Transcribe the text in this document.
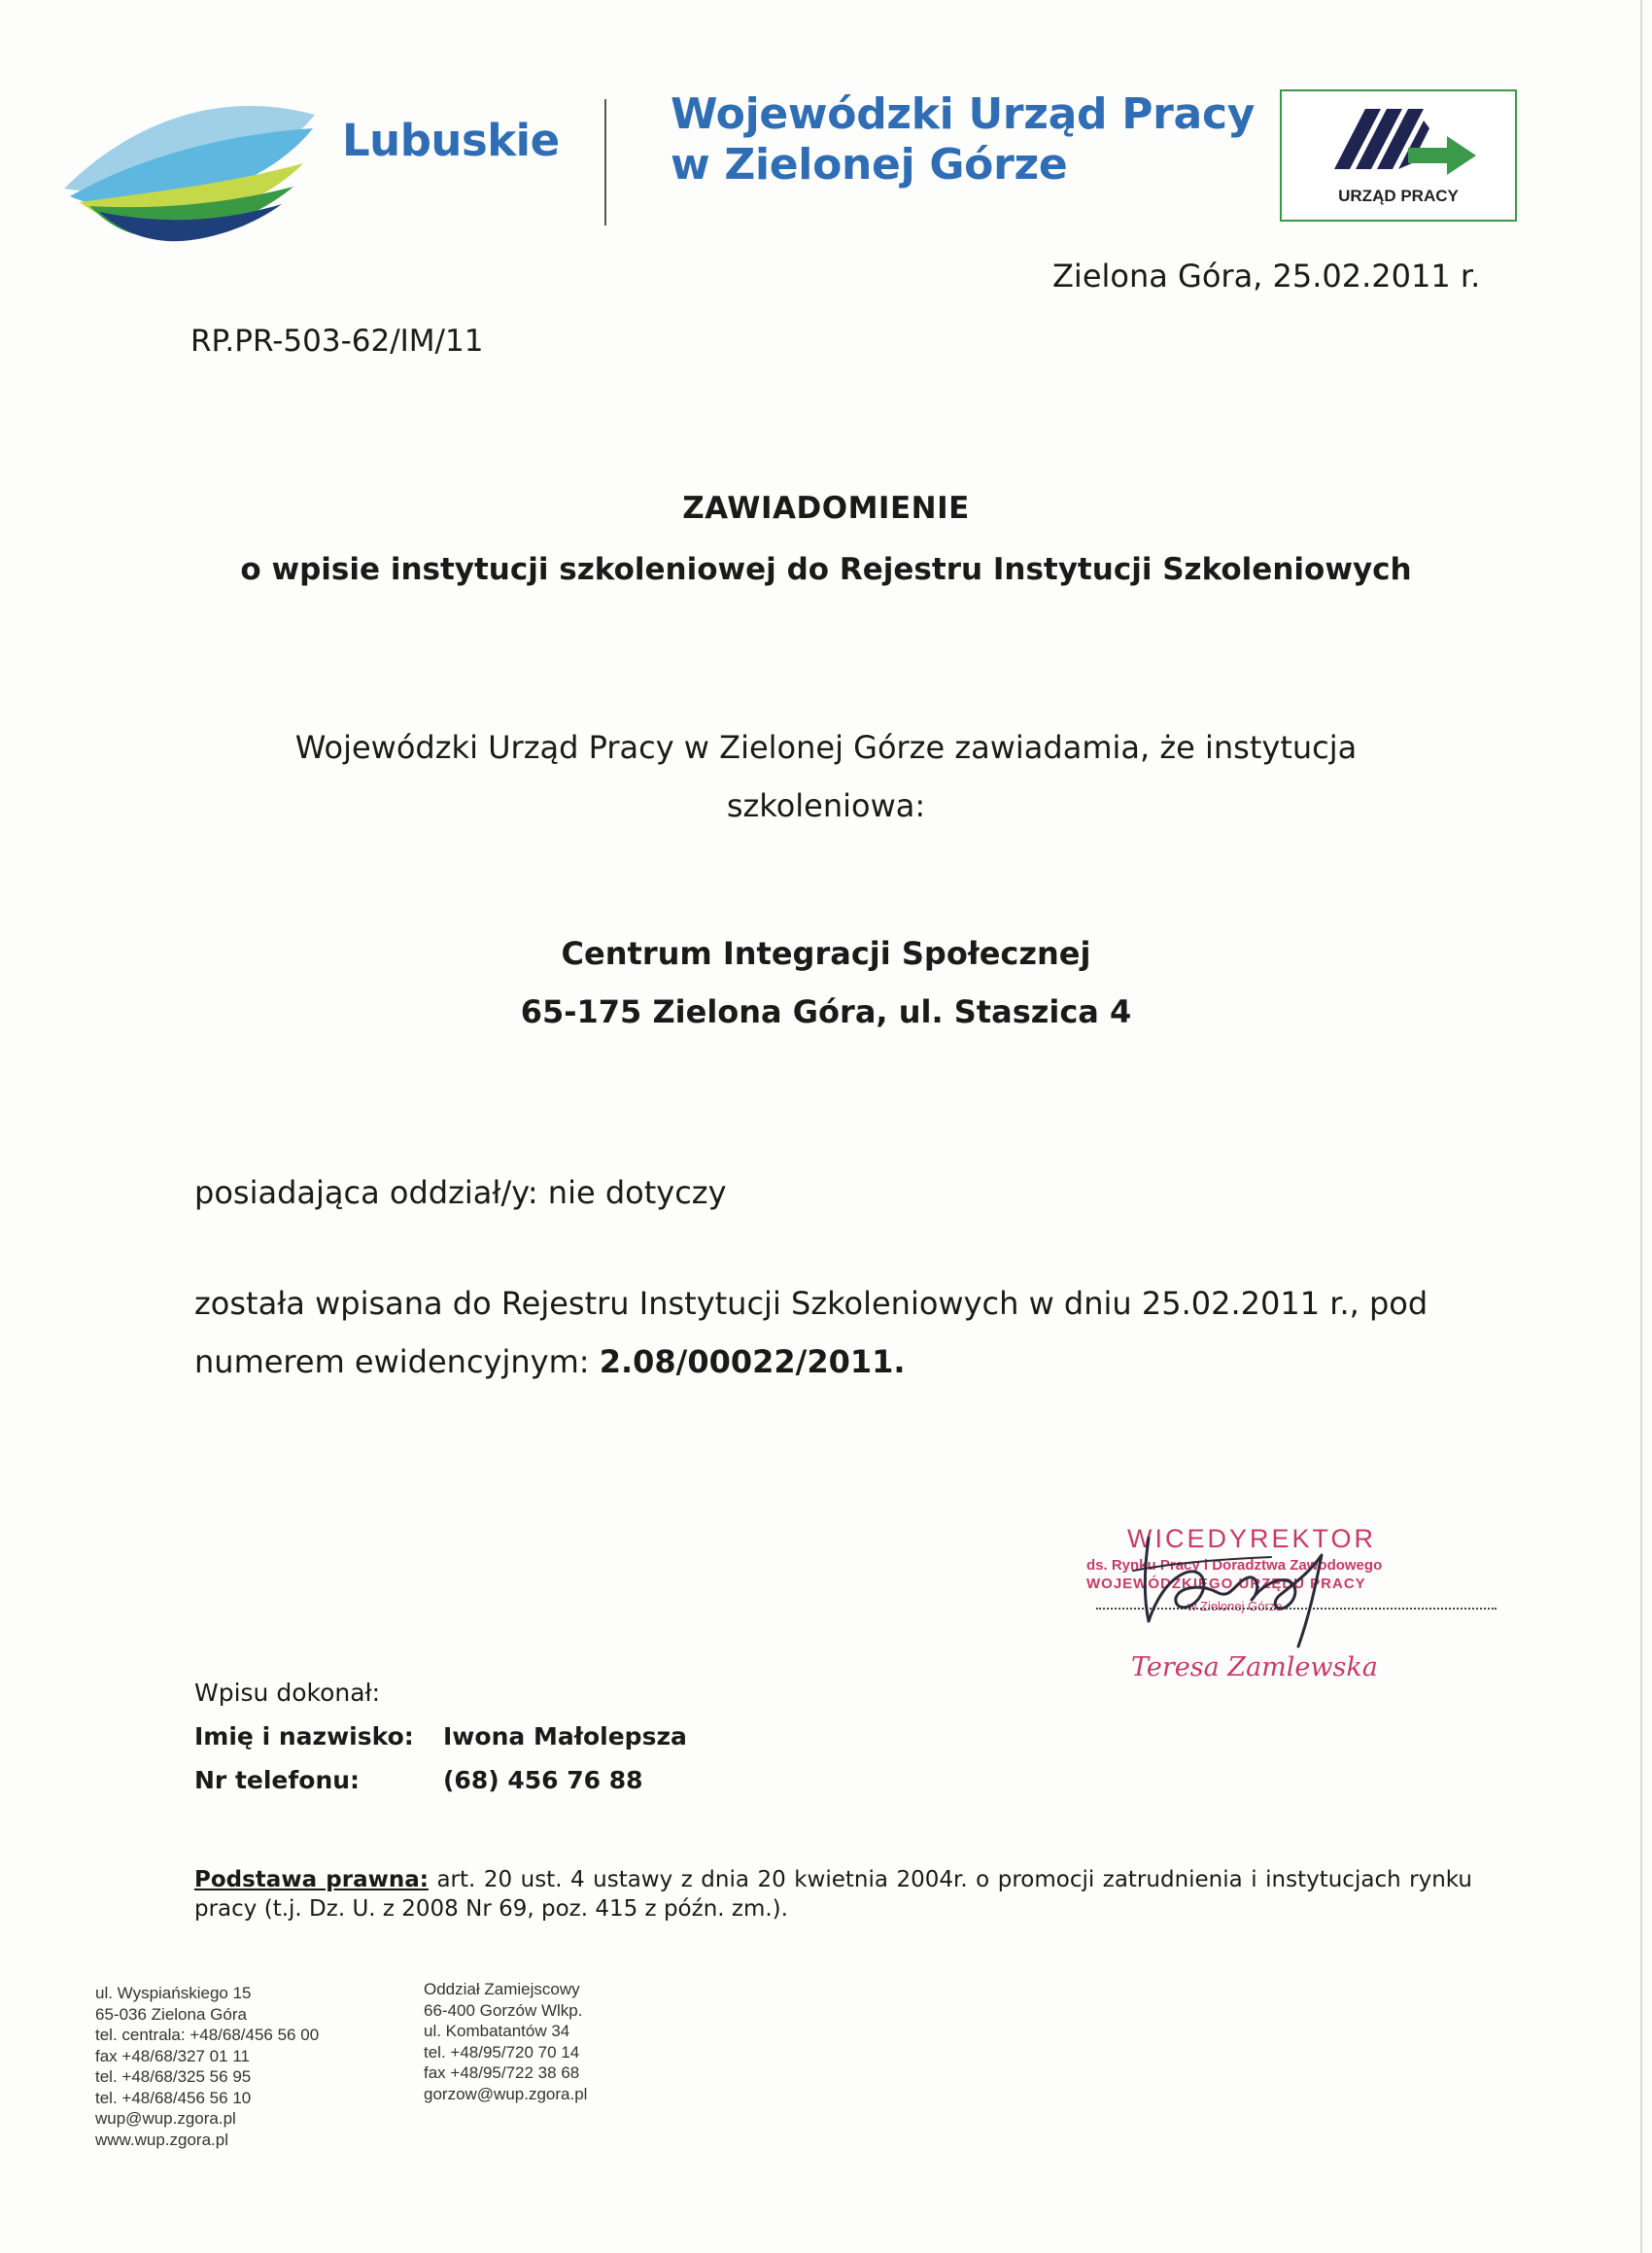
Lubuskie
Wojewódzki Urząd Pracy
w Zielonej Górze
URZĄD PRACY
Zielona Góra, 25.02.2011 r.
RP.PR-503-62/IM/11
ZAWIADOMIENIE
o wpisie instytucji szkoleniowej do Rejestru Instytucji Szkoleniowych
Wojewódzki Urząd Pracy w Zielonej Górze zawiadamia, że instytucja
szkoleniowa:
Centrum Integracji Społecznej
65-175 Zielona Góra, ul. Staszica 4
posiadająca oddział/y: nie dotyczy
została wpisana do Rejestru Instytucji Szkoleniowych w dniu 25.02.2011 r., pod
numerem ewidencyjnym: 2.08/00022/2011.
WICEDYREKTOR
ds. Rynku Pracy i Doradztwa Zawodowego
WOJEWÓDZKIEGO URZĘDU PRACY
w Zielonej Górze
Teresa Zamlewska
Wpisu dokonał:
Imię i nazwisko: Iwona Małolepsza
Nr telefonu:	(68) 456 76 88
Podstawa prawna: art. 20 ust. 4 ustawy z dnia 20 kwietnia 2004r. o promocji zatrudnienia i instytucjach rynku pracy (t.j. Dz. U. z 2008 Nr 69, poz. 415 z późn. zm.).
ul. Wyspiańskiego 15
65-036 Zielona Góra
tel. centrala: +48/68/456 56 00
fax +48/68/327 01 11
tel. +48/68/325 56 95
tel. +48/68/456 56 10
wup@wup.zgora.pl
www.wup.zgora.pl
Oddział Zamiejscowy
66-400 Gorzów Wlkp.
ul. Kombatantów 34
tel. +48/95/720 70 14
fax +48/95/722 38 68
gorzow@wup.zgora.pl
